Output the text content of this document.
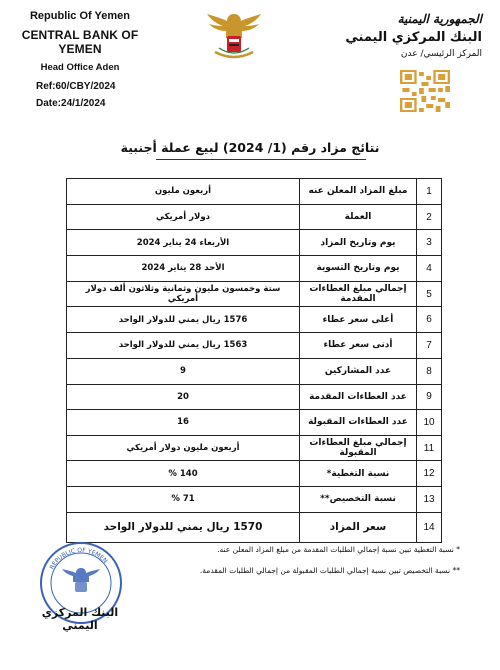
Republic Of Yemen
CENTRAL BANK OF YEMEN
Head Office Aden
Ref:60/CBY/2024
Date:24/1/2024
الجمهورية اليمنية
البنك المركزي اليمني
المركز الرئيسي/ عدن
نتائج مزاد رقم (1/ 2024) لبيع عملة أجنبية
1	مبلغ المزاد المعلن عنه	أربعون مليون
2	العملة	دولار أمريكي
3	يوم وتاريخ المزاد	الأربعاء 24 يناير 2024
4	يوم وتاريخ التسوية	الأحد 28 يناير 2024
5	إجمالي مبلغ العطاءات المقدمة	ستة وخمسون مليون وثمانية وثلاثون ألف دولار أمريكي
6	أعلى سعر عطاء	1576 ريال يمني للدولار الواحد
7	أدنى سعر عطاء	1563 ريال يمني للدولار الواحد
8	عدد المشاركين	9
9	عدد العطاءات المقدمة	20
10	عدد العطاءات المقبولة	16
11	إجمالي مبلغ العطاءات المقبولة	أربعون مليون دولار أمريكي
12	نسبة التغطية*	140 %
13	نسبة التخصيص**	71 %
14	سعر المزاد	1570 ريال يمني للدولار الواحد
* نسبة التغطية تبين نسبة إجمالي الطلبات المقدمة من مبلغ المزاد المعلن عنه.
** نسبة التخصيص تبين نسبة إجمالي الطلبات المقبولة من إجمالي الطلبات المقدمة.
REPUBLIC OF YEMEN
البنك المركزي اليمني
